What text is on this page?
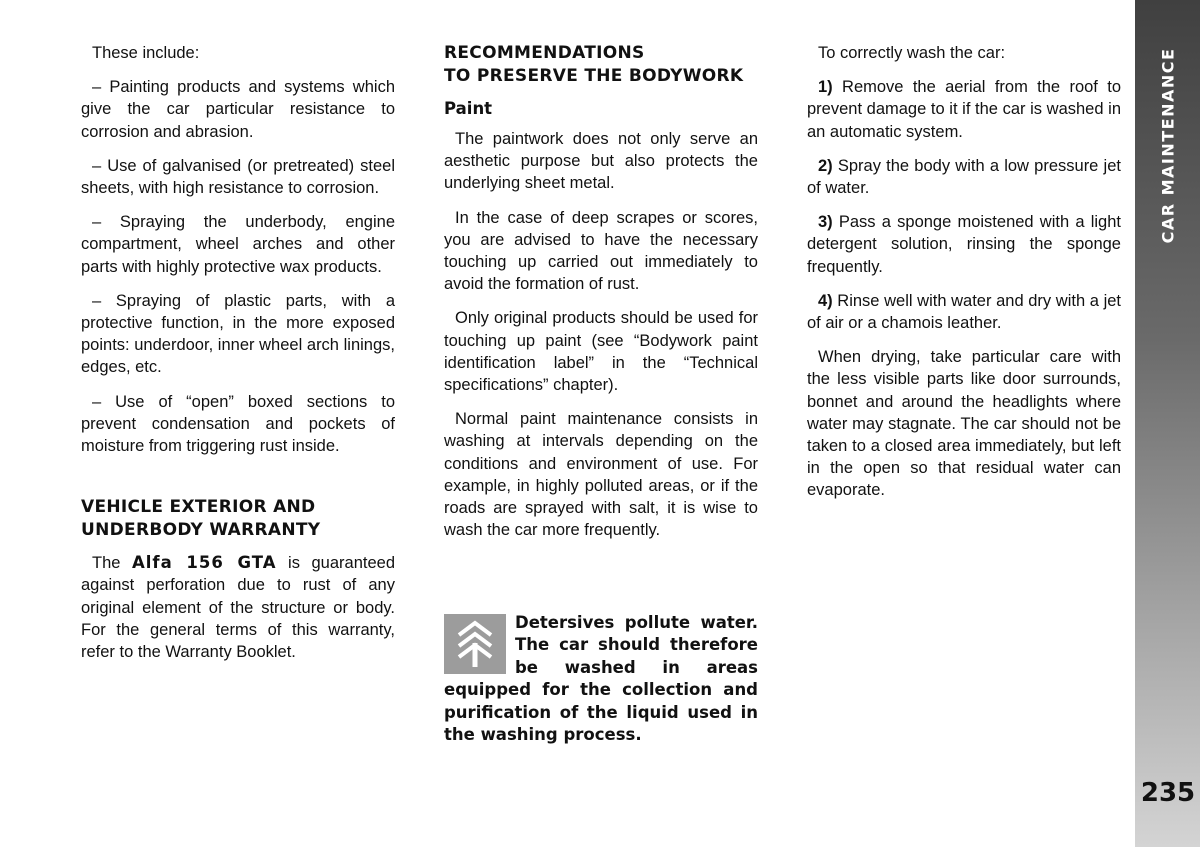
These include:

– Painting products and systems which give the car particular resistance to corrosion and abrasion.

– Use of galvanised (or pretreated) steel sheets, with high resistance to corrosion.

– Spraying the underbody, engine compartment, wheel arches and other parts with highly protective wax products.

– Spraying of plastic parts, with a protective function, in the more exposed points: underdoor, inner wheel arch linings, edges, etc.

– Use of “open” boxed sections to prevent condensation and pockets of moisture from triggering rust inside.

VEHICLE EXTERIOR AND
UNDERBODY WARRANTY

The Alfa 156 GTA is guaranteed against perforation due to rust of any original element of the structure or body. For the general terms of this warranty, refer to the Warranty Booklet.

RECOMMENDATIONS
TO PRESERVE THE BODYWORK
Paint

The paintwork does not only serve an aesthetic purpose but also protects the underlying sheet metal.

In the case of deep scrapes or scores, you are advised to have the necessary touching up carried out immediately to avoid the formation of rust.

Only original products should be used for touching up paint (see “Bodywork paint identification label” in the “Technical specifications” chapter).

Normal paint maintenance consists in washing at intervals depending on the conditions and environment of use. For example, in highly polluted areas, or if the roads are sprayed with salt, it is wise to wash the car more frequently.

Detersives pollute water. The car should therefore be washed in areas equipped for the collection and purification of the liquid used in the washing process.

To correctly wash the car:

1) Remove the aerial from the roof to prevent damage to it if the car is washed in an automatic system.

2) Spray the body with a low pressure jet of water.

3) Pass a sponge moistened with a light detergent solution, rinsing the sponge frequently.

4) Rinse well with water and dry with a jet of air or a chamois leather.

When drying, take particular care with the less visible parts like door surrounds, bonnet and around the headlights where water may stagnate. The car should not be taken to a closed area immediately, but left in the open so that residual water can evaporate.

CAR MAINTENANCE
235
